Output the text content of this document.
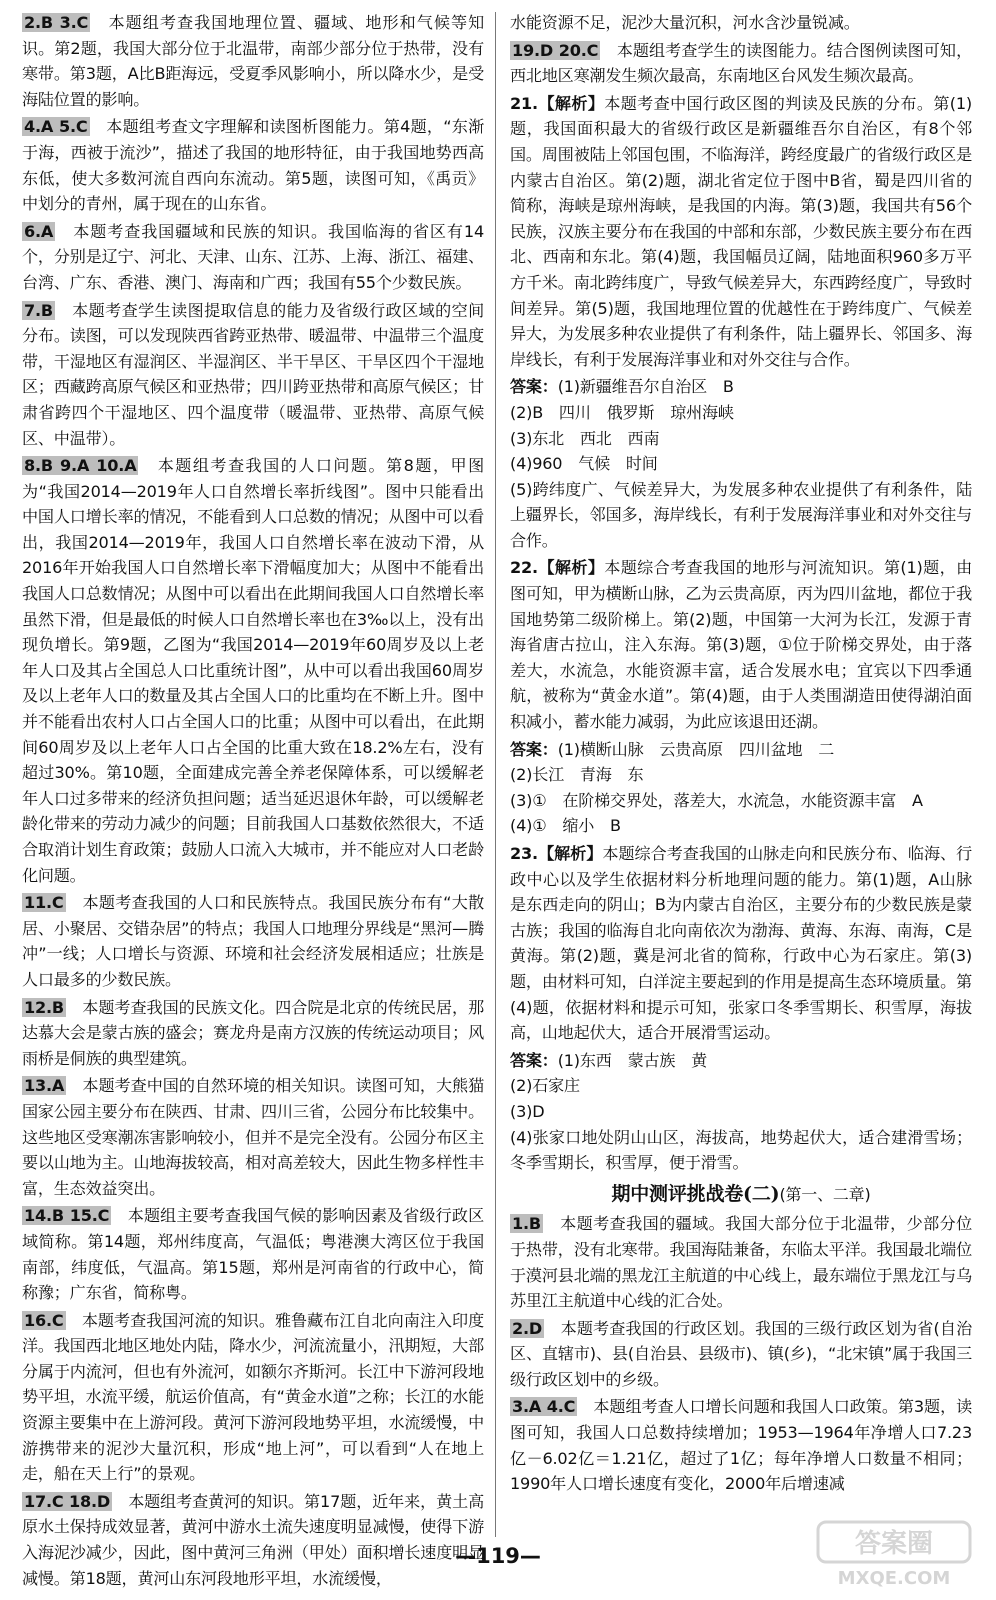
2.B 3.C　 本题组考查我国地理位置、疆域、地形和气候等知识。第2题，我国大部分位于北温带，南部少部分位于热带，没有寒带。第3题，A比B距海远，受夏季风影响小，所以降水少，是受海陆位置的影响。

4.A 5.C　 本题组考查文字理解和读图析图能力。第4题，“东渐于海，西被于流沙”，描述了我国的地形特征，由于我国地势西高东低，使大多数河流自西向东流动。第5题，读图可知，《禹贡》中划分的青州，属于现在的山东省。

6.A　 本题考查我国疆域和民族的知识。我国临海的省区有14个，分别是辽宁、河北、天津、山东、江苏、上海、浙江、福建、台湾、广东、香港、澳门、海南和广西；我国有55个少数民族。

7.B　 本题考查学生读图提取信息的能力及省级行政区域的空间分布。读图，可以发现陕西省跨亚热带、暖温带、中温带三个温度带，干湿地区有湿润区、半湿润区、半干旱区、干旱区四个干湿地区；西藏跨高原气候区和亚热带；四川跨亚热带和高原气候区；甘肃省跨四个干湿地区、四个温度带（暖温带、亚热带、高原气候区、中温带）。

8.B 9.A 10.A　 本题组考查我国的人口问题。第8题，甲图为“我国2014—2019年人口自然增长率折线图”。图中只能看出中国人口增长率的情况，不能看到人口总数的情况；从图中可以看出，我国2014—2019年，我国人口自然增长率在波动下滑，从2016年开始我国人口自然增长率下滑幅度加大；从图中不能看出我国人口总数情况；从图中可以看出在此期间我国人口自然增长率虽然下滑，但是最低的时候人口自然增长率也在3‰以上，没有出现负增长。第9题，乙图为“我国2014—2019年60周岁及以上老年人口及其占全国总人口比重统计图”，从中可以看出我国60周岁及以上老年人口的数量及其占全国人口的比重均在不断上升。图中并不能看出农村人口占全国人口的比重；从图中可以看出，在此期间60周岁及以上老年人口占全国的比重大致在18.2%左右，没有超过30%。第10题，全面建成完善全养老保障体系，可以缓解老年人口过多带来的经济负担问题；适当延迟退休年龄，可以缓解老龄化带来的劳动力减少的问题；目前我国人口基数依然很大，不适合取消计划生育政策；鼓励人口流入大城市，并不能应对人口老龄化问题。

11.C　 本题考查我国的人口和民族特点。我国民族分布有“大散居、小聚居、交错杂居”的特点；我国人口地理分界线是“黑河—腾冲”一线；人口增长与资源、环境和社会经济发展相适应；壮族是人口最多的少数民族。

12.B　 本题考查我国的民族文化。四合院是北京的传统民居，那达慕大会是蒙古族的盛会；赛龙舟是南方汉族的传统运动项目；风雨桥是侗族的典型建筑。

13.A　 本题考查中国的自然环境的相关知识。读图可知，大熊猫国家公园主要分布在陕西、甘肃、四川三省，公园分布比较集中。这些地区受寒潮冻害影响较小，但并不是完全没有。公园分布区主要以山地为主。山地海拔较高，相对高差较大，因此生物多样性丰富，生态效益突出。

14.B 15.C　 本题组主要考查我国气候的影响因素及省级行政区域简称。第14题，郑州纬度高，气温低；粤港澳大湾区位于我国南部，纬度低，气温高。第15题，郑州是河南省的行政中心，简称豫；广东省，简称粤。

16.C　 本题考查我国河流的知识。雅鲁藏布江自北向南注入印度洋。我国西北地区地处内陆，降水少，河流流量小，汛期短，大部分属于内流河，但也有外流河，如额尔齐斯河。长江中下游河段地势平坦，水流平缓，航运价值高，有“黄金水道”之称；长江的水能资源主要集中在上游河段。黄河下游河段地势平坦，水流缓慢，中游携带来的泥沙大量沉积，形成“地上河”，可以看到“人在地上走，船在天上行”的景观。

17.C 18.D　 本题组考查黄河的知识。第17题，近年来，黄土高原水土保持成效显著，黄河中游水土流失速度明显减慢，使得下游入海泥沙减少，因此，图中黄河三角洲（甲处）面积增长速度明显减慢。第18题，黄河山东河段地形平坦，水流缓慢，

水能资源不足，泥沙大量沉积，河水含沙量锐减。

19.D 20.C　 本题组考查学生的读图能力。结合图例读图可知，西北地区寒潮发生频次最高，东南地区台风发生频次最高。

21.【解析】本题考查中国行政区图的判读及民族的分布。第(1)题，我国面积最大的省级行政区是新疆维吾尔自治区，有8个邻国。周围被陆上邻国包围，不临海洋，跨经度最广的省级行政区是内蒙古自治区。第(2)题，湖北省定位于图中B省，蜀是四川省的简称，海峡是琼州海峡，是我国的内海。第(3)题，我国共有56个民族，汉族主要分布在我国的中部和东部，少数民族主要分布在西北、西南和东北。第(4)题，我国幅员辽阔，陆地面积960多万平方千米。南北跨纬度广，导致气候差异大，东西跨经度广，导致时间差异。第(5)题，我国地理位置的优越性在于跨纬度广、气候差异大，为发展多种农业提供了有利条件，陆上疆界长、邻国多、海岸线长，有利于发展海洋事业和对外交往与合作。

答案：(1)新疆维吾尔自治区　B

(2)B　四川　俄罗斯　琼州海峡

(3)东北　西北　西南

(4)960　气候　时间

(5)跨纬度广、气候差异大，为发展多种农业提供了有利条件，陆上疆界长，邻国多，海岸线长，有利于发展海洋事业和对外交往与合作。

22.【解析】本题综合考查我国的地形与河流知识。第(1)题，由图可知，甲为横断山脉，乙为云贵高原，丙为四川盆地，都位于我国地势第二级阶梯上。第(2)题，中国第一大河为长江，发源于青海省唐古拉山，注入东海。第(3)题，①位于阶梯交界处，由于落差大，水流急，水能资源丰富，适合发展水电；宜宾以下四季通航，被称为“黄金水道”。第(4)题，由于人类围湖造田使得湖泊面积减小，蓄水能力减弱，为此应该退田还湖。

答案：(1)横断山脉　云贵高原　四川盆地　二

(2)长江　青海　东

(3)①　在阶梯交界处，落差大，水流急，水能资源丰富　A

(4)①　缩小　B

23.【解析】本题综合考查我国的山脉走向和民族分布、临海、行政中心以及学生依据材料分析地理问题的能力。第(1)题，A山脉是东西走向的阴山；B为内蒙古自治区，主要分布的少数民族是蒙古族；我国的临海自北向南依次为渤海、黄海、东海、南海，C是黄海。第(2)题，冀是河北省的简称，行政中心为石家庄。第(3)题，由材料可知，白洋淀主要起到的作用是提高生态环境质量。第(4)题，依据材料和提示可知，张家口冬季雪期长、积雪厚，海拔高，山地起伏大，适合开展滑雪运动。

答案：(1)东西　蒙古族　黄

(2)石家庄

(3)D

(4)张家口地处阴山山区，海拔高，地势起伏大，适合建滑雪场；冬季雪期长，积雪厚，便于滑雪。

期中测评挑战卷(二)(第一、二章)

1.B　 本题考查我国的疆域。我国大部分位于北温带，少部分位于热带，没有北寒带。我国海陆兼备，东临太平洋。我国最北端位于漠河县北端的黑龙江主航道的中心线上，最东端位于黑龙江与乌苏里江主航道中心线的汇合处。

2.D　 本题考查我国的行政区划。我国的三级行政区划为省(自治区、直辖市)、县(自治县、县级市)、镇(乡)，“北宋镇”属于我国三级行政区划中的乡级。

3.A 4.C　 本题组考查人口增长问题和我国人口政策。第3题，读图可知，我国人口总数持续增加；1953—1964年净增人口7.23亿－6.02亿＝1.21亿，超过了1亿；每年净增人口数量不相同；1990年人口增长速度有变化，2000年后增速减

—119—	答案圈
MXQE.COM
